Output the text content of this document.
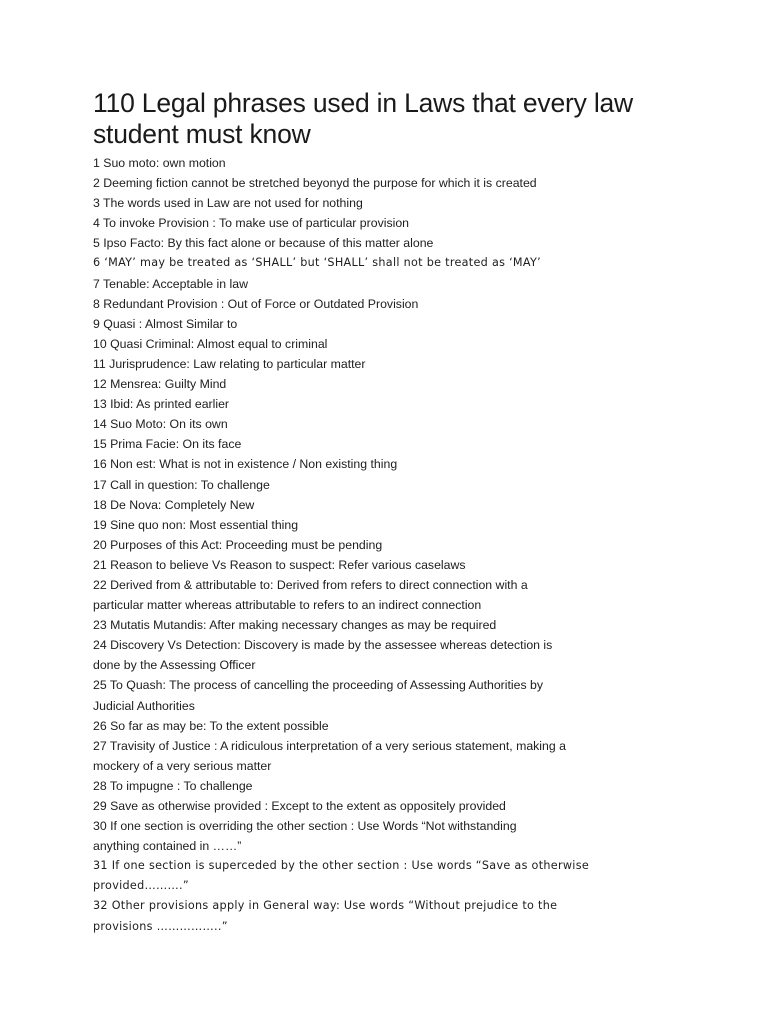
110 Legal phrases used in Laws that every law student must know
1 Suo moto: own motion
2 Deeming fiction cannot be stretched beyonyd the purpose for which it is created
3 The words used in Law are not used for nothing
4 To invoke Provision : To make use of particular provision
5 Ipso Facto: By this fact alone or because of this matter alone
6 ‘MAY’ may be treated as ‘SHALL’ but ‘SHALL’ shall not be treated as ‘MAY’
7 Tenable: Acceptable in law
8 Redundant Provision : Out of Force or Outdated Provision
9 Quasi : Almost Similar to
10 Quasi Criminal: Almost equal to criminal
11 Jurisprudence: Law relating to particular matter
12 Mensrea: Guilty Mind
13 Ibid: As printed earlier
14 Suo Moto: On its own
15 Prima Facie: On its face
16 Non est: What is not in existence / Non existing thing
17 Call in question: To challenge
18 De Nova: Completely New
19 Sine quo non: Most essential thing
20 Purposes of this Act: Proceeding must be pending
21 Reason to believe Vs Reason to suspect: Refer various caselaws
22 Derived from & attributable to: Derived from refers to direct connection with a
particular matter whereas attributable to refers to an indirect connection
23 Mutatis Mutandis: After making necessary changes as may be required
24 Discovery Vs Detection: Discovery is made by the assessee whereas detection is
done by the Assessing Officer
25 To Quash: The process of cancelling the proceeding of Assessing Authorities by
Judicial Authorities
26 So far as may be: To the extent possible
27 Travisity of Justice : A ridiculous interpretation of a very serious statement, making a
mockery of a very serious matter
28 To impugne : To challenge
29 Save as otherwise provided : Except to the extent as oppositely provided
30 If one section is overriding the other section : Use Words “Not withstanding
anything contained in ……”
31 If one section is superceded by the other section : Use words “Save as otherwise
provided……….”
32 Other provisions apply in General way: Use words “Without prejudice to the
provisions ……………..”
